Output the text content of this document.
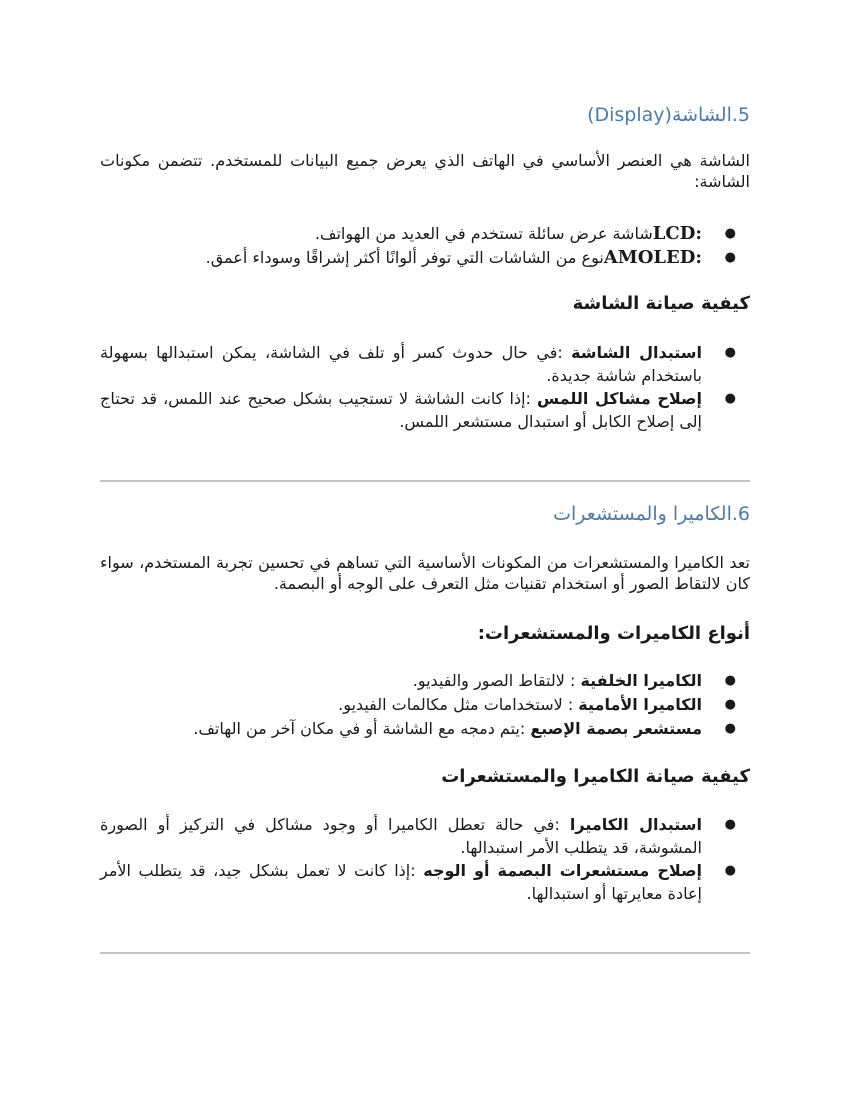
5.الشاشة(Display)
الشاشة هي العنصر الأساسي في الهاتف الذي يعرض جميع البيانات للمستخدم. تتضمن مكونات الشاشة:
●
LCD:شاشة عرض سائلة تستخدم في العديد من الهواتف.
●
AMOLED:نوع من الشاشات التي توفر ألوانًا أكثر إشراقًا وسوداء أعمق.
كيفية صيانة الشاشة
●
استبدال الشاشة :في حال حدوث كسر أو تلف في الشاشة، يمكن استبدالها بسهولة باستخدام شاشة جديدة.
●
إصلاح مشاكل اللمس :إذا كانت الشاشة لا تستجيب بشكل صحيح عند اللمس، قد تحتاج إلى إصلاح الكابل أو استبدال مستشعر اللمس.
6.الكاميرا والمستشعرات
تعد الكاميرا والمستشعرات من المكونات الأساسية التي تساهم في تحسين تجربة المستخدم، سواء كان لالتقاط الصور أو استخدام تقنيات مثل التعرف على الوجه أو البصمة.
أنواع الكاميرات والمستشعرات:
●
الكاميرا الخلفية : لالتقاط الصور والفيديو.
●
الكاميرا الأمامية : لاستخدامات مثل مكالمات الفيديو.
●
مستشعر بصمة الإصبع :يتم دمجه مع الشاشة أو في مكان آخر من الهاتف.
كيفية صيانة الكاميرا والمستشعرات
●
استبدال الكاميرا :في حالة تعطل الكاميرا أو وجود مشاكل في التركيز أو الصورة المشوشة، قد يتطلب الأمر استبدالها.
●
إصلاح مستشعرات البصمة أو الوجه :إذا كانت لا تعمل بشكل جيد، قد يتطلب الأمر إعادة معايرتها أو استبدالها.
